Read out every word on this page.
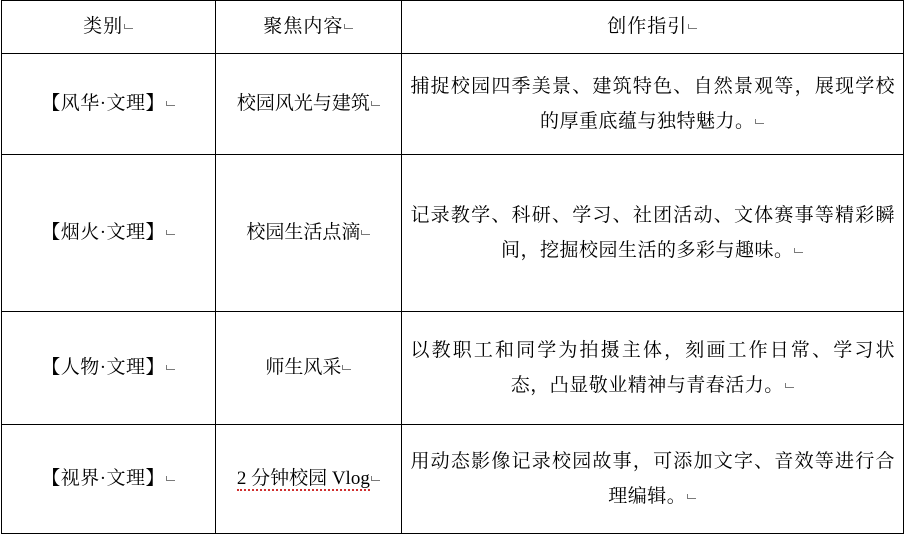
类别	聚焦内容	创作指引
【风华·文理】	校园风光与建筑	捕捉校园四季美景、建筑特色、自然景观等，展现学校的厚重底蕴与独特魅力。
【烟火·文理】	校园生活点滴	记录教学、科研、学习、社团活动、文体赛事等精彩瞬间，挖掘校园生活的多彩与趣味。
【人物·文理】	师生风采	以教职工和同学为拍摄主体，刻画工作日常、学习状态，凸显敬业精神与青春活力。
【视界·文理】	2 分钟校园 Vlog	用动态影像记录校园故事，可添加文字、音效等进行合理编辑。
